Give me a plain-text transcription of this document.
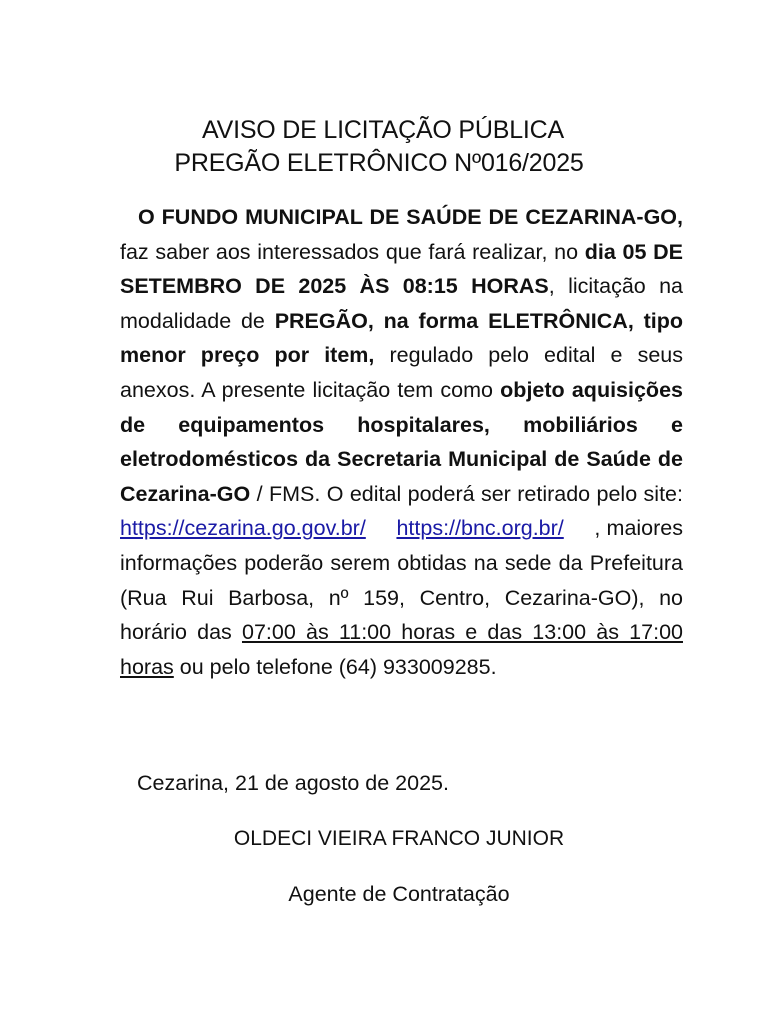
AVISO DE LICITAÇÃO PÚBLICA
PREGÃO ELETRÔNICO Nº016/2025
O FUNDO MUNICIPAL DE SAÚDE DE CEZARINA-GO, faz saber aos interessados que fará realizar, no dia 05 DE SETEMBRO DE 2025 ÀS 08:15 HORAS, licitação na modalidade de PREGÃO, na forma ELETRÔNICA, tipo menor preço por item, regulado pelo edital e seus anexos. A presente licitação tem como objeto aquisições de equipamentos hospitalares, mobiliários e eletrodomésticos da Secretaria Municipal de Saúde de Cezarina-GO / FMS. O edital poderá ser retirado pelo site: https://cezarina.go.gov.br/ https://bnc.org.br/     , maiores informações poderão serem obtidas na sede da Prefeitura (Rua Rui Barbosa, nº 159, Centro, Cezarina-GO), no horário das 07:00 às 11:00 horas e das 13:00 às 17:00 horas ou pelo telefone (64) 933009285.
Cezarina, 21 de agosto de 2025.
OLDECI VIEIRA FRANCO JUNIOR
Agente de Contratação
